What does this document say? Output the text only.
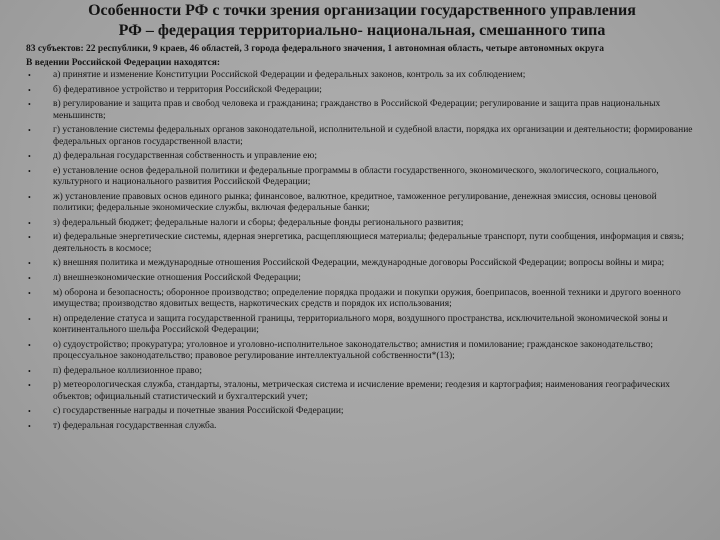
Особенности РФ с точки зрения организации государственного управления
РФ – федерация территориально- национальная, смешанного типа

83 субъектов: 22 республики, 9 краев, 46 областей, 3 города федерального значения, 1 автономная область, четыре автономных округа

В ведении Российской Федерации находятся:

• а) принятие и изменение Конституции Российской Федерации и федеральных законов, контроль за их соблюдением;
• б) федеративное устройство и территория Российской Федерации;
• в) регулирование и защита прав и свобод человека и гражданина; гражданство в Российской Федерации; регулирование и защита прав национальных меньшинств;
• г) установление системы федеральных органов законодательной, исполнительной и судебной власти, порядка их организации и деятельности; формирование федеральных органов государственной власти;
• д) федеральная государственная собственность и управление ею;
• е) установление основ федеральной политики и федеральные программы в области государственного, экономического, экологического, социального, культурного и национального развития Российской Федерации;
• ж) установление правовых основ единого рынка; финансовое, валютное, кредитное, таможенное регулирование, денежная эмиссия, основы ценовой политики; федеральные экономические службы, включая федеральные банки;
• з) федеральный бюджет; федеральные налоги и сборы; федеральные фонды регионального развития;
• и) федеральные энергетические системы, ядерная энергетика, расщепляющиеся материалы; федеральные транспорт, пути сообщения, информация и связь; деятельность в космосе;
• к) внешняя политика и международные отношения Российской Федерации, международные договоры Российской Федерации; вопросы войны и мира;
• л) внешнеэкономические отношения Российской Федерации;
• м) оборона и безопасность; оборонное производство; определение порядка продажи и покупки оружия, боеприпасов, военной техники и другого военного имущества; производство ядовитых веществ, наркотических средств и порядок их использования;
• н) определение статуса и защита государственной границы, территориального моря, воздушного пространства, исключительной экономической зоны и континентального шельфа Российской Федерации;
• о) судоустройство; прокуратура; уголовное и уголовно-исполнительное законодательство; амнистия и помилование; гражданское законодательство; процессуальное законодательство; правовое регулирование интеллектуальной собственности*(13);
• п) федеральное коллизионное право;
• р) метеорологическая служба, стандарты, эталоны, метрическая система и исчисление времени; геодезия и картография; наименования географических объектов; официальный статистический и бухгалтерский учет;
• с) государственные награды и почетные звания Российской Федерации;
• т) федеральная государственная служба.
